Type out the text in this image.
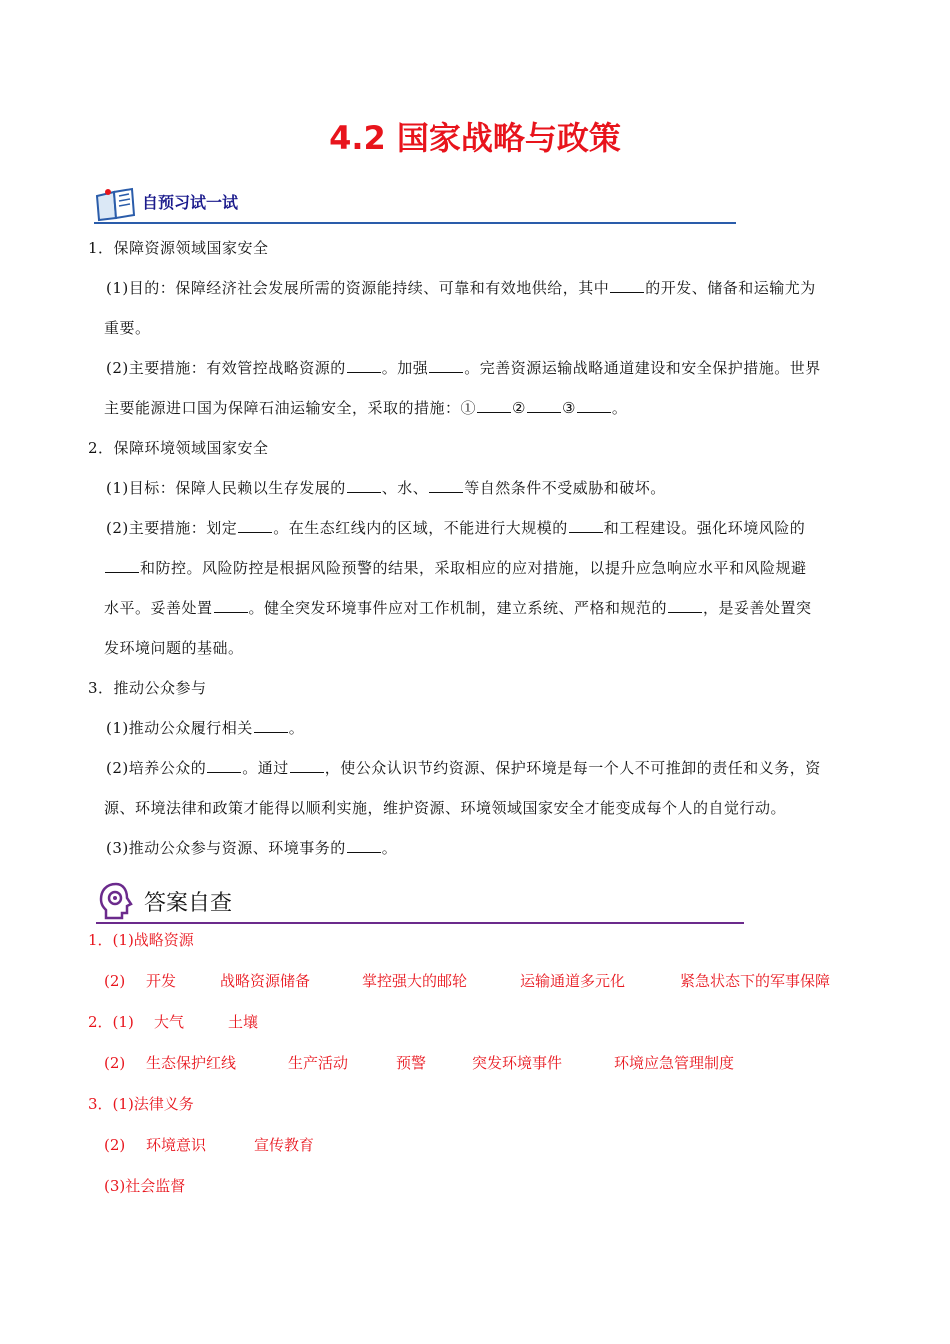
4.2 国家战略与政策
自预习试一试

1．保障资源领域国家安全

(1)目的：保障经济社会发展所需的资源能持续、可靠和有效地供给，其中 的开发、储备和运输尤为

重要。

(2)主要措施：有效管控战略资源的 。加强 。完善资源运输战略通道建设和安全保护措施。世界

主要能源进口国为保障石油运输安全，采取的措施：① ② ③ 。

2．保障环境领域国家安全

(1)目标：保障人民赖以生存发展的 、水、 等自然条件不受威胁和破坏。

(2)主要措施：划定 。在生态红线内的区域，不能进行大规模的 和工程建设。强化环境风险的

和防控。风险防控是根据风险预警的结果，采取相应的应对措施，以提升应急响应水平和风险规避

水平。妥善处置 。健全突发环境事件应对工作机制，建立系统、严格和规范的 ，是妥善处置突

发环境问题的基础。

3．推动公众参与

(1)推动公众履行相关 。

(2)培养公众的 。通过 ，使公众认识节约资源、保护环境是每一个人不可推卸的责任和义务，资

源、环境法律和政策才能得以顺利实施，维护资源、环境领域国家安全才能变成每个人的自觉行动。

(3)推动公众参与资源、环境事务的 。

答案自查

1．(1)战略资源

(2) 开发	战略资源储备	掌控强大的邮轮	运输通道多元化	紧急状态下的军事保障

2．(1) 大气	土壤

(2) 生态保护红线	生产活动	预警	突发环境事件	环境应急管理制度

3．(1)法律义务

(2) 环境意识	宣传教育

(3)社会监督
